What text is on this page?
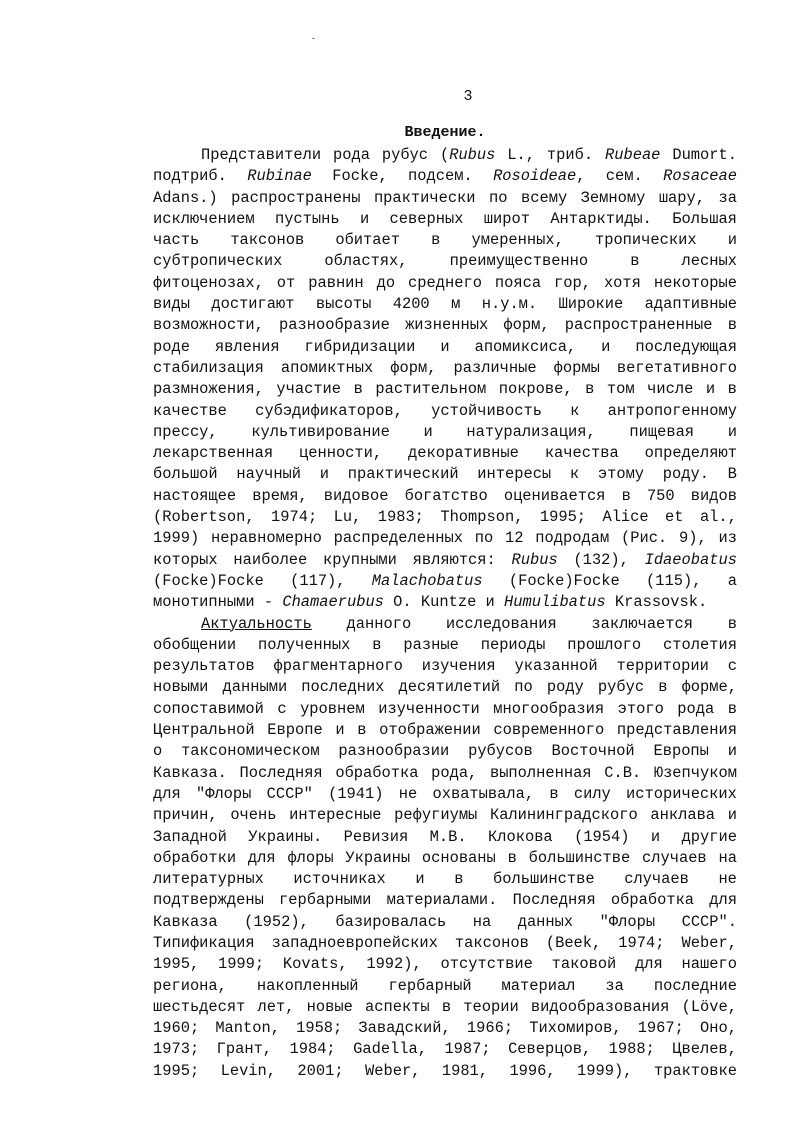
3
Введение.
Представители рода рубус (Rubus L., триб. Rubeae Dumort.
подтриб. Rubinae Focke, подсем. Rosoideae, сем. Rosaceae
Adans.) распространены практически по всему Земному шару, за
исключением пустынь и северных широт Антарктиды. Большая
часть таксонов обитает в умеренных, тропических и
субтропических	областях,	преимущественно	в	лесных
фитоценозах, от равнин до среднего пояса гор, хотя некоторые
виды достигают высоты 4200 м н.у.м. Широкие адаптивные
возможности, разнообразие жизненных форм, распространенные в
роде явления гибридизации и апомиксиса, и последующая
стабилизация апомиктных форм, различные формы вегетативного
размножения, участие в растительном покрове, в том числе и в
качестве субэдификаторов, устойчивость к антропогенному
прессу, культивирование и натурализация, пищевая и
лекарственная ценности, декоративные качества определяют
большой научный и практический интересы к этому роду. В
настоящее время, видовое богатство оценивается в 750 видов
(Robertson, 1974; Lu, 1983; Thompson, 1995; Alice et al.,
1999) неравномерно распределенных по 12 подродам (Рис. 9), из
которых наиболее крупными являются: Rubus (132), Idaeobatus
(Focke)Focke (117), Malachobatus (Focke)Focke (115), а
монотипными - Chamaerubus O. Kuntze и Humulibatus Krassovsk.
Актуальность данного исследования заключается в
обобщении полученных в разные периоды прошлого столетия
результатов фрагментарного изучения указанной территории с
новыми данными последних десятилетий по роду рубус в форме,
сопоставимой с уровнем изученности многообразия этого рода в
Центральной Европе и в отображении современного представления
о таксономическом разнообразии рубусов Восточной Европы и
Кавказа. Последняя обработка рода, выполненная С.В. Юзепчуком
для "Флоры СССР" (1941) не охватывала, в силу исторических
причин, очень интересные рефугиумы Калининградского анклава и
Западной Украины. Ревизия М.В. Клокова (1954) и другие
обработки для флоры Украины основаны в большинстве случаев на
литературных источниках и в большинстве случаев не
подтверждены гербарными материалами. Последняя обработка для
Кавказа (1952), базировалась на данных "Флоры СССР".
Типификация западноевропейских таксонов (Beek, 1974; Weber,
1995, 1999; Kovats, 1992), отсутствие таковой для нашего
региона, накопленный гербарный материал за последние
шестьдесят лет, новые аспекты в теории видообразования (Löve,
1960; Manton, 1958; Завадский, 1966; Тихомиров, 1967; Оно,
1973; Грант, 1984; Gadella, 1987; Северцов, 1988; Цвелев,
1995; Levin, 2001; Weber, 1981, 1996, 1999), трактовке
